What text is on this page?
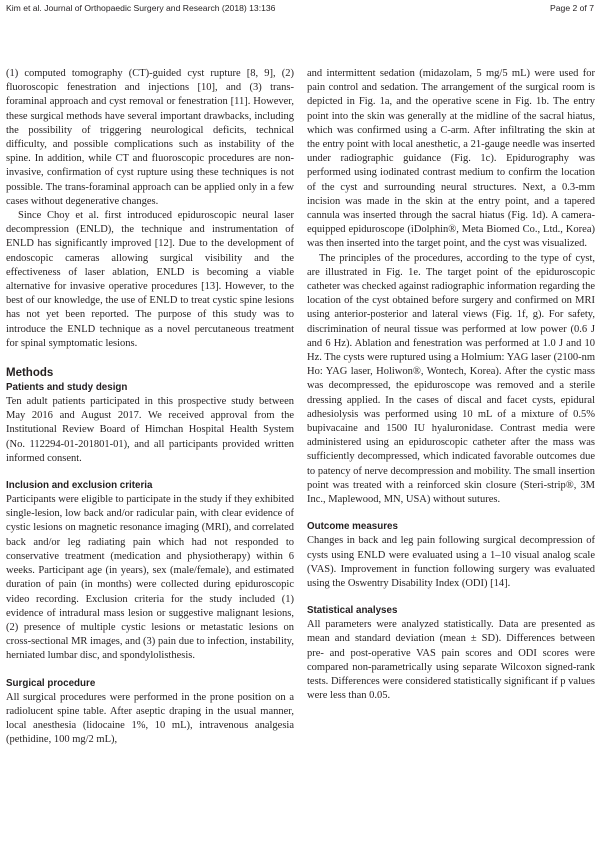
Kim et al. Journal of Orthopaedic Surgery and Research (2018) 13:136	Page 2 of 7

(1) computed tomography (CT)-guided cyst rupture [8, 9], (2) fluoroscopic fenestration and injections [10], and (3) trans-foraminal approach and cyst removal or fenestration [11]. However, these surgical methods have several important drawbacks, including the possibility of triggering neurological deficits, technical difficulty, and possible complications such as instability of the spine. In addition, while CT and fluoroscopic procedures are non-invasive, confirmation of cyst rupture using these techniques is not possible. The trans-foraminal approach can be applied only in a few cases without degenerative changes.

Since Choy et al. first introduced epiduroscopic neural laser decompression (ENLD), the technique and instrumentation of ENLD has significantly improved [12]. Due to the development of endoscopic cameras allowing surgical visibility and the effectiveness of laser ablation, ENLD is becoming a viable alternative for invasive operative procedures [13]. However, to the best of our knowledge, the use of ENLD to treat cystic spine lesions has not yet been reported. The purpose of this study was to introduce the ENLD technique as a novel percutaneous treatment for spinal symptomatic lesions.

Methods
Patients and study design

Ten adult patients participated in this prospective study between May 2016 and August 2017. We received approval from the Institutional Review Board of Himchan Hospital Health System (No. 112294-01-201801-01), and all participants provided written informed consent.

Inclusion and exclusion criteria

Participants were eligible to participate in the study if they exhibited single-lesion, low back and/or radicular pain, with clear evidence of cystic lesions on magnetic resonance imaging (MRI), and correlated back and/or leg radiating pain which had not responded to conservative treatment (medication and physiotherapy) within 6 weeks. Participant age (in years), sex (male/female), and estimated duration of pain (in months) were collected during epiduroscopic video recording. Exclusion criteria for the study included (1) evidence of intradural mass lesion or suggestive malignant lesions, (2) presence of multiple cystic lesions or metastatic lesions on cross-sectional MR images, and (3) pain due to infection, instability, herniated lumbar disc, and spondylolisthesis.

Surgical procedure

All surgical procedures were performed in the prone position on a radiolucent spine table. After aseptic draping in the usual manner, local anesthesia (lidocaine 1%, 10 mL), intravenous analgesia (pethidine, 100 mg/2 mL),

and intermittent sedation (midazolam, 5 mg/5 mL) were used for pain control and sedation. The arrangement of the surgical room is depicted in Fig. 1a, and the operative scene in Fig. 1b. The entry point into the skin was generally at the midline of the sacral hiatus, which was confirmed using a C-arm. After infiltrating the skin at the entry point with local anesthetic, a 21-gauge needle was inserted under radiographic guidance (Fig. 1c). Epidurography was performed using iodinated contrast medium to confirm the location of the cyst and surrounding neural structures. Next, a 0.3-mm incision was made in the skin at the entry point, and a tapered cannula was inserted through the sacral hiatus (Fig. 1d). A camera-equipped epiduroscope (iDolphin®, Meta Biomed Co., Ltd., Korea) was then inserted into the target point, and the cyst was visualized.

The principles of the procedures, according to the type of cyst, are illustrated in Fig. 1e. The target point of the epiduroscopic catheter was checked against radiographic information regarding the location of the cyst obtained before surgery and confirmed on MRI using anterior-posterior and lateral views (Fig. 1f, g). For safety, discrimination of neural tissue was performed at low power (0.6 J and 6 Hz). Ablation and fenestration was performed at 1.0 J and 10 Hz. The cysts were ruptured using a Holmium: YAG laser (2100-nm Ho: YAG laser, Holiwon®, Wontech, Korea). After the cystic mass was decompressed, the epiduroscope was removed and a sterile dressing applied. In the cases of discal and facet cysts, epidural adhesiolysis was performed using 10 mL of a mixture of 0.5% bupivacaine and 1500 IU hyaluronidase. Contrast media were administered using an epiduroscopic catheter after the mass was sufficiently decompressed, which indicated favorable outcomes due to patency of nerve decompression and mobility. The small insertion point was treated with a reinforced skin closure (Steri-strip®, 3M Inc., Maplewood, MN, USA) without sutures.

Outcome measures

Changes in back and leg pain following surgical decompression of cysts using ENLD were evaluated using a 1–10 visual analog scale (VAS). Improvement in function following surgery was evaluated using the Oswentry Disability Index (ODI) [14].

Statistical analyses

All parameters were analyzed statistically. Data are presented as mean and standard deviation (mean ± SD). Differences between pre- and post-operative VAS pain scores and ODI scores were compared non-parametrically using separate Wilcoxon signed-rank tests. Differences were considered statistically significant if p values were less than 0.05.
